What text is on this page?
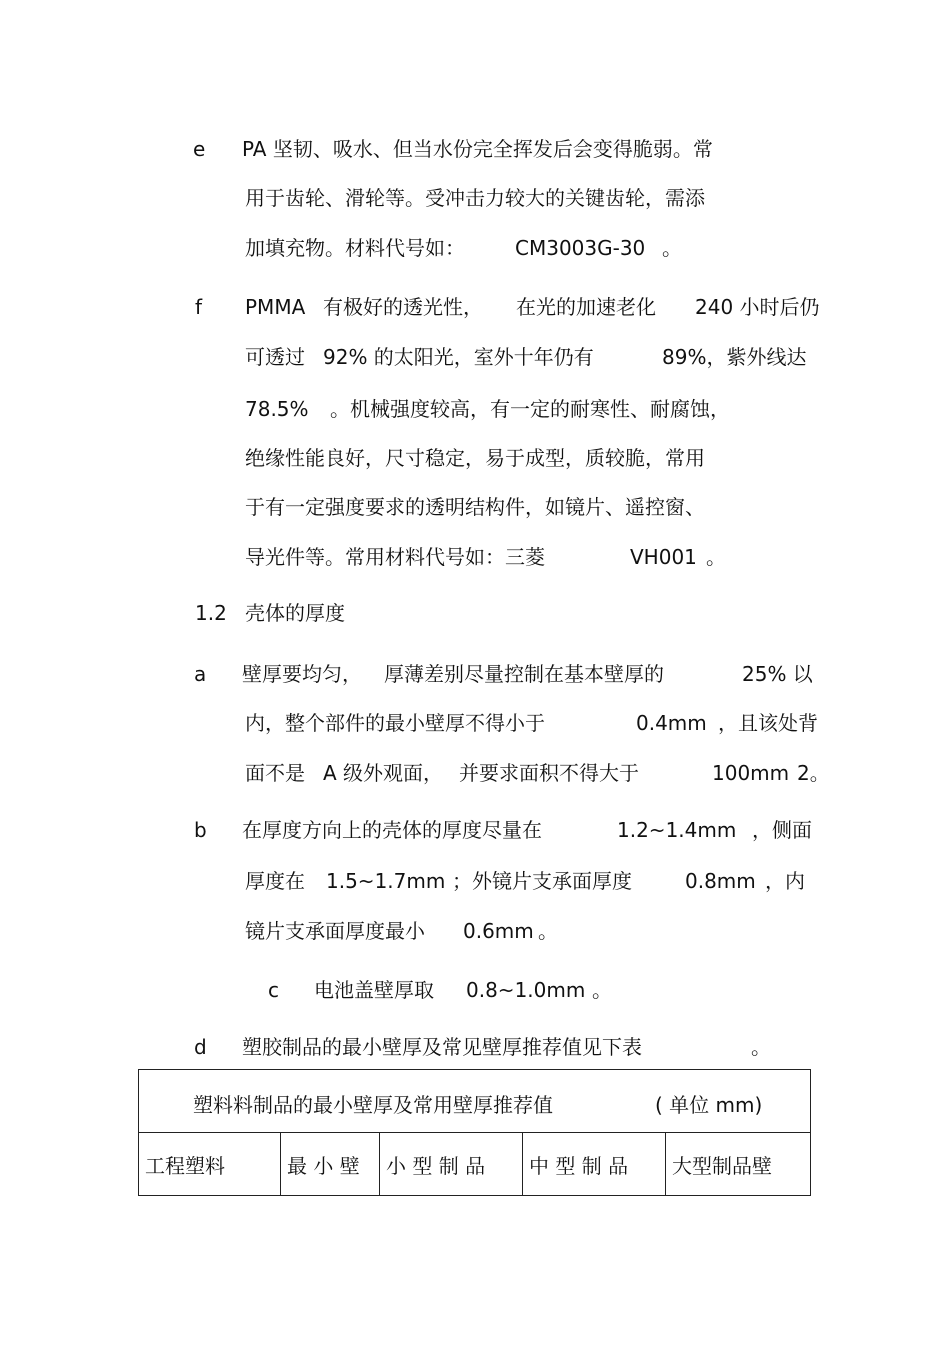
e PA 坚韧、吸水、但当水份完全挥发后会变得脆弱。常
用于齿轮、滑轮等。受冲击力较大的关键齿轮，需添
加填充物。材料代号如：	CM3003G-30 。
f PMMA 有极好的透光性， 在光的加速老化 240 小时后仍
可透过 92% 的太阳光，室外十年仍有	89%，紫外线达
78.5% 。机械强度较高，有一定的耐寒性、耐腐蚀，
绝缘性能良好，尺寸稳定，易于成型，质较脆，常用
于有一定强度要求的透明结构件，如镜片、遥控窗、
导光件等。常用材料代号如：三菱	VH001 。
1.2 壳体的厚度
a 壁厚要均匀， 厚薄差别尽量控制在基本壁厚的	25% 以
内，整个部件的最小壁厚不得小于	0.4mm ，且该处背
面不是 A 级外观面， 并要求面积不得大于	100mm 2。
b 在厚度方向上的壳体的厚度尽量在	1.2~1.4mm ，侧面
厚度在 1.5~1.7mm ；外镜片支承面厚度	0.8mm ，内
镜片支承面厚度最小 0.6mm 。
c 电池盖壁厚取 0.8~1.0mm 。
d 塑胶制品的最小壁厚及常见壁厚推荐值见下表	。
塑料料制品的最小壁厚及常用壁厚推荐值	( 单位 mm)

工程塑料	最 小 壁	小 型 制 品	中 型 制 品	大型制品壁
